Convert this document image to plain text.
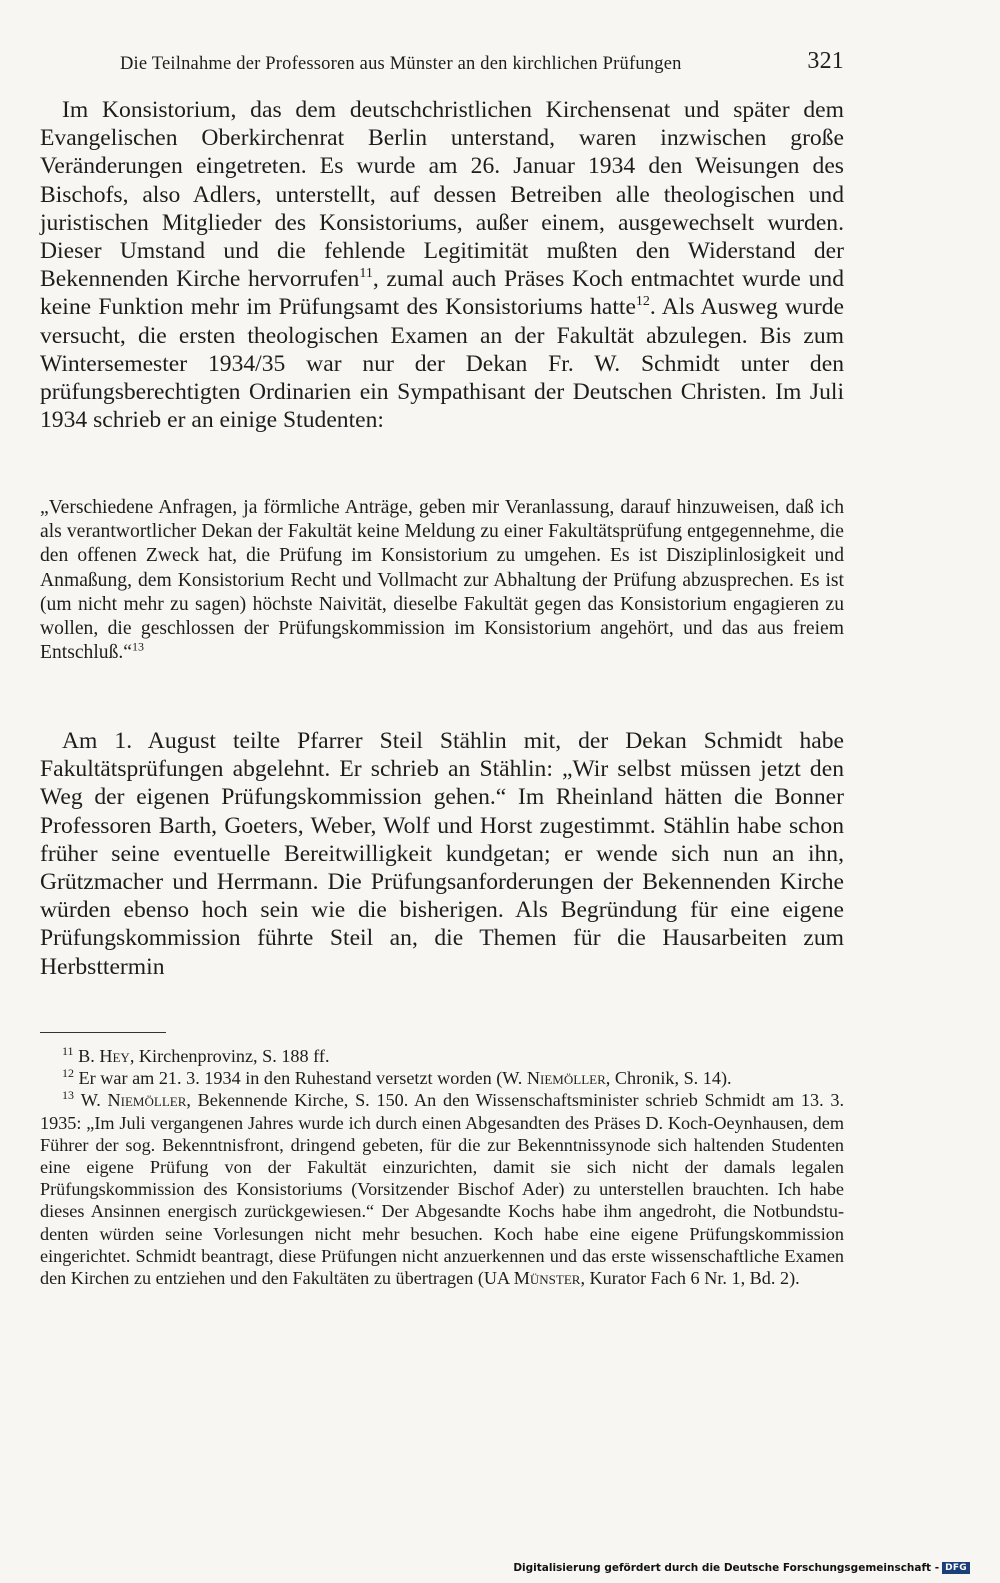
Die Teilnahme der Professoren aus Münster an den kirchlichen Prüfungen	321

Im Konsistorium, das dem deutschchristlichen Kirchensenat und später dem Evangelischen Oberkirchenrat Berlin unterstand, waren inzwischen große Veränderungen eingetreten. Es wurde am 26. Januar 1934 den Weisungen des Bischofs, also Adlers, unterstellt, auf dessen Betreiben alle theologischen und juristischen Mitglieder des Konsistoriums, außer einem, ausgewechselt wurden. Dieser Umstand und die fehlende Legitimität mußten den Widerstand der Bekennenden Kirche hervorrufen$^{11}$, zumal auch Präses Koch entmachtet wurde und keine Funktion mehr im Prüfungsamt des Konsistoriums hatte$^{12}$. Als Ausweg wurde versucht, die ersten theologischen Examen an der Fakultät abzulegen. Bis zum Wintersemester 1934/35 war nur der Dekan Fr. W. Schmidt unter den prüfungsberechtigten Ordinarien ein Sympathisant der Deutschen Christen. Im Juli 1934 schrieb er an einige Studenten:

„Verschiedene Anfragen, ja förmliche Anträge, geben mir Veranlassung, darauf hinzuweisen, daß ich als verantwortlicher Dekan der Fakultät keine Meldung zu einer Fakultätsprüfung entgegennehme, die den offenen Zweck hat, die Prüfung im Konsistorium zu umgehen. Es ist Disziplinlosigkeit und Anmaßung, dem Konsistorium Recht und Vollmacht zur Abhaltung der Prüfung abzusprechen. Es ist (um nicht mehr zu sagen) höchste Naivität, dieselbe Fakultät gegen das Konsistorium engagieren zu wollen, die geschlossen der Prüfungskommission im Konsistorium angehört, und das aus freiem Entschluß.“$^{13}$

Am 1. August teilte Pfarrer Steil Stählin mit, der Dekan Schmidt habe Fakultätsprüfungen abgelehnt. Er schrieb an Stählin: „Wir selbst müssen jetzt den Weg der eigenen Prüfungskommission gehen.“ Im Rheinland hätten die Bonner Professoren Barth, Goeters, Weber, Wolf und Horst zugestimmt. Stählin habe schon früher seine eventuelle Bereitwilligkeit kundgetan; er wende sich nun an ihn, Grützmacher und Herrmann. Die Prüfungsanforderungen der Bekennenden Kirche würden ebenso hoch sein wie die bisherigen. Als Begründung für eine eigene Prüfungskommission führte Steil an, die Themen für die Hausarbeiten zum Herbsttermin

$^{11}$ B. Hey, Kirchenprovinz, S. 188 ff.

$^{12}$ Er war am 21. 3. 1934 in den Ruhestand versetzt worden (W. Niemöller, Chronik, S. 14).

$^{13}$ W. Niemöller, Bekennende Kirche, S. 150. An den Wissenschaftsminister schrieb Schmidt am 13. 3. 1935: „Im Juli vergangenen Jahres wurde ich durch einen Abgesandten des Präses D. Koch-Oeynhausen, dem Führer der sog. Bekenntnisfront, dringend gebeten, für die zur Bekenntnissynode sich haltenden Studenten eine eigene Prüfung von der Fakultät einzurichten, damit sie sich nicht der damals legalen Prüfungskommission des Konsistoriums (Vorsitzender Bischof Ader) zu unterstellen brauchten. Ich habe dieses Ansinnen energisch zurückgewiesen.“ Der Abgesandte Kochs habe ihm angedroht, die Notbundstudenten würden seine Vorlesungen nicht mehr besuchen. Koch habe eine eigene Prüfungskommission eingerichtet. Schmidt beantragt, diese Prüfungen nicht anzuerkennen und das erste wissenschaftliche Examen den Kirchen zu entziehen und den Fakultäten zu übertragen (UA Münster, Kurator Fach 6 Nr. 1, Bd. 2).

Digitalisierung gefördert durch die Deutsche Forschungsgemeinschaft - DFG
